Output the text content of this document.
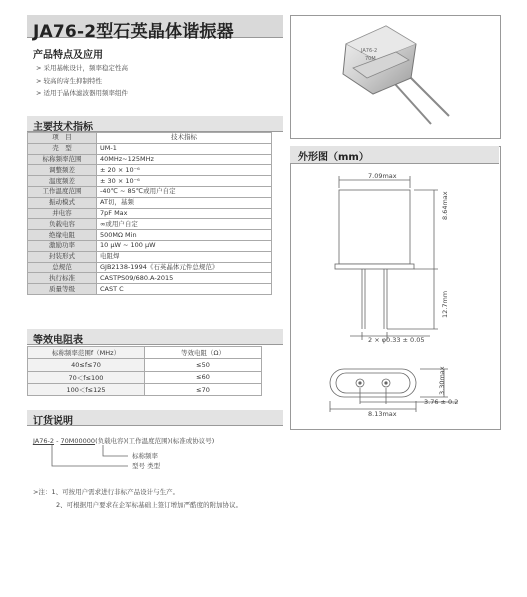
JA76-2型石英晶体谐振器
产品特点及应用
> 采用基帐设计，频率稳定性高
> 较高的寄生抑制特性
> 适用于晶体滤波器用频率组件
JA76-2
70M
主要技术指标
项　目	技术指标
壳　型	UM-1
标称频率范围	40MHz~125MHz
调整频差	± 20 × 10⁻⁶
温度频差	± 30 × 10⁻⁶
工作温度范围	-40℃ ~ 85℃或用户自定
振动模式	AT切，基频
并电容	7pF Max
负载电容	∞或用户自定
绝缘电阻	500MΩ Min
激励功率	10 μW ~ 100 μW
封装形式	电阻焊
总规范	GJB2138-1994《石英晶体元件总规范》
执行标准	CASTPS09/680.A-2015
质量等级	CAST C
等效电阻表
标称频率范围f（MHz）	等效电阻（Ω）
40≤f≤70	≤50
70＜f≤100	≤60
100＜f≤125	≤70
订货说明
JA76-2 - 70M00000(负载电容)(工作温度范围)(标准或协议号)
标称频率
型号 类型
>注：1、可按用户需求进行非标产品设计与生产。
2、可根据用户要求在企军标基础上签订增加严酷度的附加协议。
外形图（mm）
7.09max
8.64max
12.7mm
2 × φ0.33 ± 0.05
3.30max
3.76 ± 0.2
8.13max
